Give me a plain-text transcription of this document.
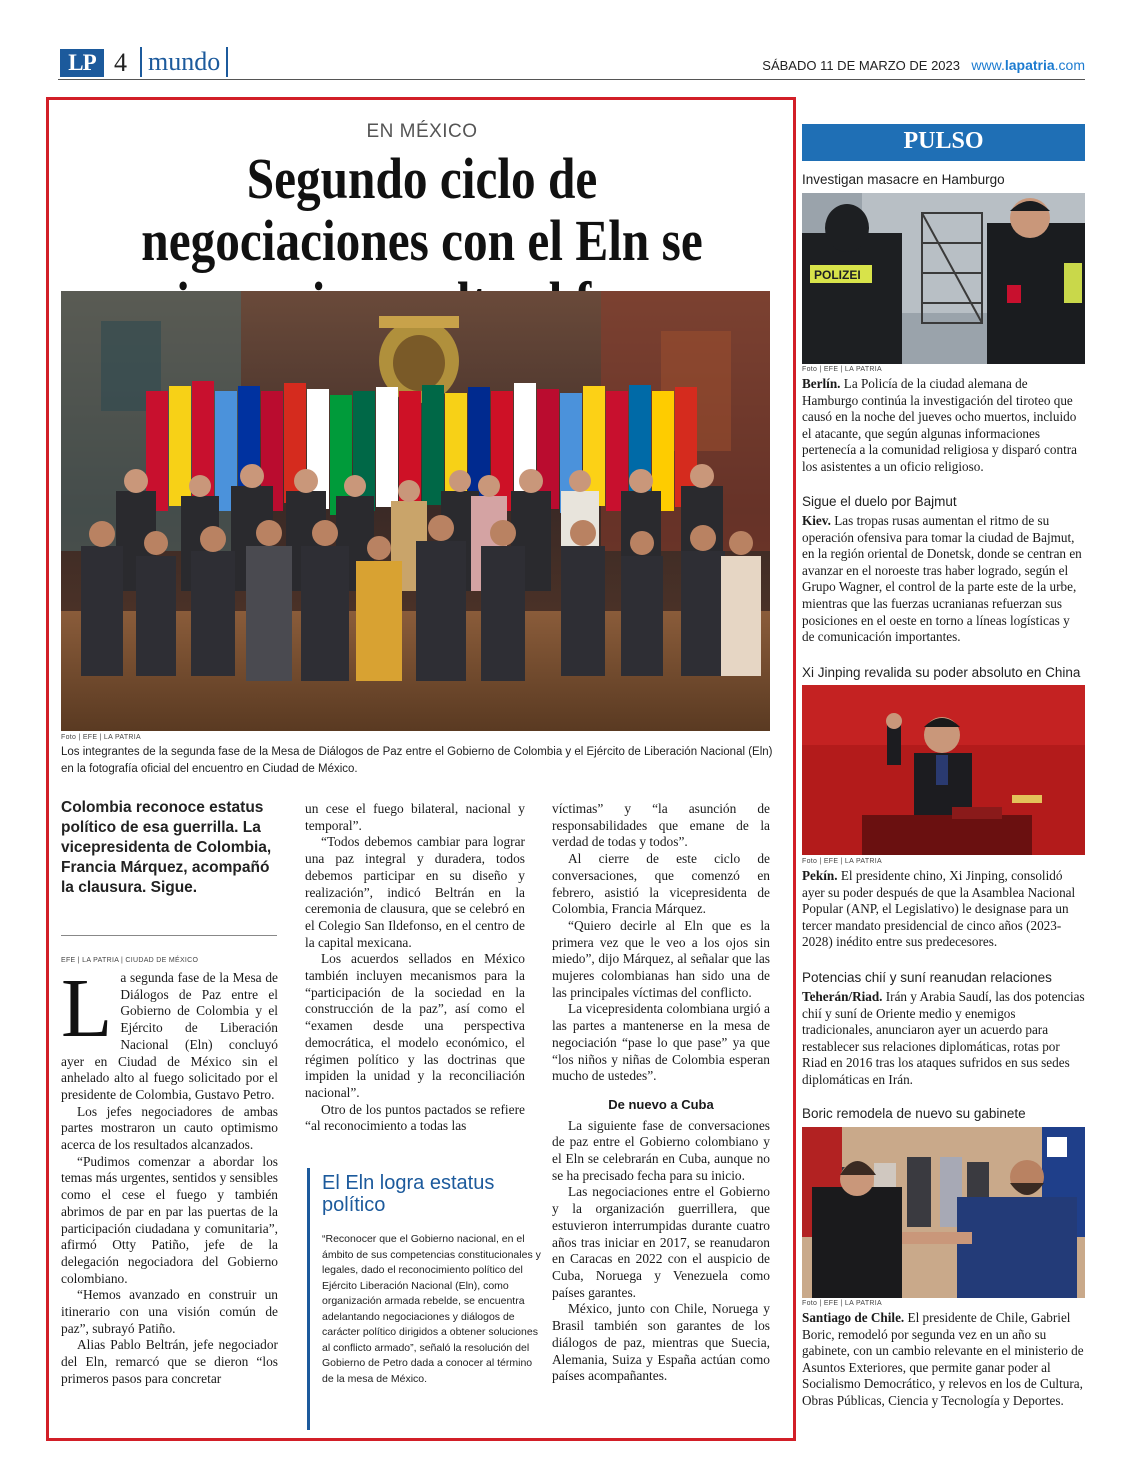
LP 4 mundo	SÁBADO 11 DE MARZO DE 2023 www.lapatria.com
EN MÉXICO
Segundo ciclo de negociaciones con el Eln se
Foto | EFE | LA PATRIA
Los integrantes de la segunda fase de la Mesa de Diálogos de Paz entre el Gobierno de Colombia y el Ejército de Liberación Nacional (Eln) en la fotografía oficial del encuentro en Ciudad de México.
Colombia reconoce estatus político de esa guerrilla. La vicepresidenta de Colombia, Francia Márquez, acompañó la clausura. Sigue.
EFE | LA PATRIA | CIUDAD DE MÉXICO
L a segunda fase de la Mesa de Diálogos de Paz entre el Gobierno de Colombia y el Ejército de Liberación Nacional (Eln) concluyó ayer en Ciudad de México sin el anhelado alto al fuego solicitado por el presidente de Colombia, Gustavo Petro.

Los jefes negociadores de ambas partes mostraron un cauto optimismo acerca de los resultados alcanzados.

“Pudimos comenzar a abordar los temas más urgentes, sentidos y sensibles como el cese el fuego y también abrimos de par en par las puertas de la participación ciudadana y comunitaria”, afirmó Otty Patiño, jefe de la delegación negociadora del Gobierno colombiano.

“Hemos avanzado en construir un itinerario con una visión común de paz”, subrayó Patiño.

Alias Pablo Beltrán, jefe negociador del Eln, remarcó que se dieron “los primeros pasos para concretar

un cese el fuego bilateral, nacional y temporal”.

“Todos debemos cambiar para lograr una paz integral y duradera, todos debemos participar en su diseño y realización”, indicó Beltrán en la ceremonia de clausura, que se celebró en el Colegio San Ildefonso, en el centro de la capital mexicana.

Los acuerdos sellados en México también incluyen mecanismos para la “participación de la sociedad en la construcción de la paz”, así como el “examen desde una perspectiva democrática, el modelo económico, el régimen político y las doctrinas que impiden la unidad y la reconciliación nacional”.

Otro de los puntos pactados se refiere “al reconocimiento a todas las

El Eln logra estatus político
“Reconocer que el Gobierno nacional, en el ámbito de sus competencias constitucionales y legales, dado el reconocimiento político del Ejército Liberación Nacional (Eln), como organización armada rebelde, se encuentra adelantando negociaciones y diálogos de carácter político dirigidos a obtener soluciones al conflicto armado”, señaló la resolución del Gobierno de Petro dada a conocer al término de la mesa de México.

víctimas” y “la asunción de responsabilidades que emane de la verdad de todas y todos”.

Al cierre de este ciclo de conversaciones, que comenzó en febrero, asistió la vicepresidenta de Colombia, Francia Márquez.

“Quiero decirle al Eln que es la primera vez que le veo a los ojos sin miedo”, dijo Márquez, al señalar que las mujeres colombianas han sido una de las principales víctimas del conflicto.

La vicepresidenta colombiana urgió a las partes a mantenerse en la mesa de negociación “pase lo que pase” ya que “los niños y niñas de Colombia esperan mucho de ustedes”.

De nuevo a Cuba

La siguiente fase de conversaciones de paz entre el Gobierno colombiano y el Eln se celebrarán en Cuba, aunque no se ha precisado fecha para su inicio.

Las negociaciones entre el Gobierno y la organización guerrillera, que estuvieron interrumpidas durante cuatro años tras iniciar en 2017, se reanudaron en Caracas en 2022 con el auspicio de Cuba, Noruega y Venezuela como países garantes.

México, junto con Chile, Noruega y Brasil también son garantes de los diálogos de paz, mientras que Suecia, Alemania, Suiza y España actúan como países acompañantes.

PULSO
Investigan masacre en Hamburgo
POLIZEI
Foto | EFE | LA PATRIA
Berlín. La Policía de la ciudad alemana de Hamburgo continúa la investigación del tiroteo que causó en la noche del jueves ocho muertos, incluido el atacante, que según algunas informaciones pertenecía a la comunidad religiosa y disparó contra los asistentes a un oficio religioso.
Sigue el duelo por Bajmut
Kiev. Las tropas rusas aumentan el ritmo de su operación ofensiva para tomar la ciudad de Bajmut, en la región oriental de Donetsk, donde se centran en avanzar en el noroeste tras haber logrado, según el Grupo Wagner, el control de la parte este de la urbe, mientras que las fuerzas ucranianas refuerzan sus posiciones en el oeste en torno a líneas logísticas y de comunicación importantes.
Xi Jinping revalida su poder absoluto en China
Foto | EFE | LA PATRIA
Pekín. El presidente chino, Xi Jinping, consolidó ayer su poder después de que la Asamblea Nacional Popular (ANP, el Legislativo) le designase para un tercer mandato presidencial de cinco años (2023-2028) inédito entre sus predecesores.
Potencias chií y suní reanudan relaciones
Teherán/Riad. Irán y Arabia Saudí, las dos potencias chií y suní de Oriente medio y enemigos tradicionales, anunciaron ayer un acuerdo para restablecer sus relaciones diplomáticas, rotas por Riad en 2016 tras los ataques sufridos en sus sedes diplomáticas en Irán.
Boric remodela de nuevo su gabinete
Foto | EFE | LA PATRIA
Santiago de Chile. El presidente de Chile, Gabriel Boric, remodeló por segunda vez en un año su gabinete, con un cambio relevante en el ministerio de Asuntos Exteriores, que permite ganar poder al Socialismo Democrático, y relevos en los de Cultura, Obras Públicas, Ciencia y Tecnología y Deportes.
